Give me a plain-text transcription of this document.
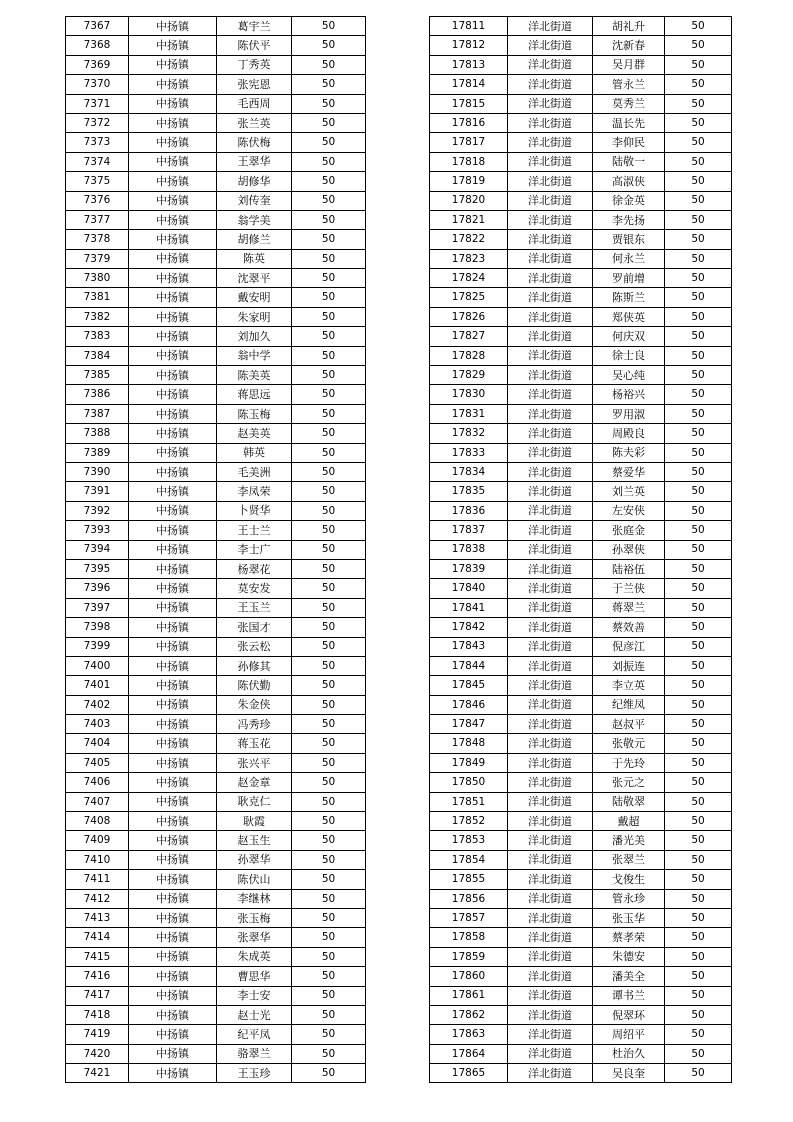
7367	中扬镇	葛宇兰	50
7368	中扬镇	陈伏平	50
7369	中扬镇	丁秀英	50
7370	中扬镇	张宪恩	50
7371	中扬镇	毛西周	50
7372	中扬镇	张兰英	50
7373	中扬镇	陈伏梅	50
7374	中扬镇	王翠华	50
7375	中扬镇	胡修华	50
7376	中扬镇	刘传奎	50
7377	中扬镇	翁学美	50
7378	中扬镇	胡修兰	50
7379	中扬镇	陈英	50
7380	中扬镇	沈翠平	50
7381	中扬镇	戴安明	50
7382	中扬镇	朱家明	50
7383	中扬镇	刘加久	50
7384	中扬镇	翁中学	50
7385	中扬镇	陈美英	50
7386	中扬镇	蒋思远	50
7387	中扬镇	陈玉梅	50
7388	中扬镇	赵美英	50
7389	中扬镇	韩英	50
7390	中扬镇	毛美洲	50
7391	中扬镇	李凤荣	50
7392	中扬镇	卜贤华	50
7393	中扬镇	王士兰	50
7394	中扬镇	李士广	50
7395	中扬镇	杨翠花	50
7396	中扬镇	莫安发	50
7397	中扬镇	王玉兰	50
7398	中扬镇	张国才	50
7399	中扬镇	张云松	50
7400	中扬镇	孙修其	50
7401	中扬镇	陈伏勤	50
7402	中扬镇	朱金侠	50
7403	中扬镇	冯秀珍	50
7404	中扬镇	蒋玉花	50
7405	中扬镇	张兴平	50
7406	中扬镇	赵金章	50
7407	中扬镇	耿克仁	50
7408	中扬镇	耿霞	50
7409	中扬镇	赵玉生	50
7410	中扬镇	孙翠华	50
7411	中扬镇	陈伏山	50
7412	中扬镇	李继林	50
7413	中扬镇	张玉梅	50
7414	中扬镇	张翠华	50
7415	中扬镇	朱成英	50
7416	中扬镇	曹思华	50
7417	中扬镇	李士安	50
7418	中扬镇	赵士光	50
7419	中扬镇	纪平凤	50
7420	中扬镇	骆翠兰	50
7421	中扬镇	王玉珍	50
17811	洋北街道	胡礼升	50
17812	洋北街道	沈新春	50
17813	洋北街道	吴月群	50
17814	洋北街道	管永兰	50
17815	洋北街道	莫秀兰	50
17816	洋北街道	温长先	50
17817	洋北街道	李仰民	50
17818	洋北街道	陆敬一	50
17819	洋北街道	高淑侠	50
17820	洋北街道	徐金英	50
17821	洋北街道	李先扬	50
17822	洋北街道	贾银东	50
17823	洋北街道	何永兰	50
17824	洋北街道	罗前增	50
17825	洋北街道	陈斯兰	50
17826	洋北街道	郑侠英	50
17827	洋北街道	何庆双	50
17828	洋北街道	徐士良	50
17829	洋北街道	吴心纯	50
17830	洋北街道	杨裕兴	50
17831	洋北街道	罗用淑	50
17832	洋北街道	周殿良	50
17833	洋北街道	陈夫彩	50
17834	洋北街道	蔡爱华	50
17835	洋北街道	刘兰英	50
17836	洋北街道	左安侠	50
17837	洋北街道	张庭金	50
17838	洋北街道	孙翠侠	50
17839	洋北街道	陆裕伍	50
17840	洋北街道	于兰侠	50
17841	洋北街道	蒋翠兰	50
17842	洋北街道	蔡效善	50
17843	洋北街道	倪彦江	50
17844	洋北街道	刘振连	50
17845	洋北街道	李立英	50
17846	洋北街道	纪维凤	50
17847	洋北街道	赵叔平	50
17848	洋北街道	张敬元	50
17849	洋北街道	于先玲	50
17850	洋北街道	张元之	50
17851	洋北街道	陆敬翠	50
17852	洋北街道	戴超	50
17853	洋北街道	潘光美	50
17854	洋北街道	张翠兰	50
17855	洋北街道	戈俊生	50
17856	洋北街道	管永珍	50
17857	洋北街道	张玉华	50
17858	洋北街道	蔡孝荣	50
17859	洋北街道	朱德安	50
17860	洋北街道	潘美全	50
17861	洋北街道	谭书兰	50
17862	洋北街道	倪翠环	50
17863	洋北街道	周绍平	50
17864	洋北街道	杜治久	50
17865	洋北街道	吴良奎	50
